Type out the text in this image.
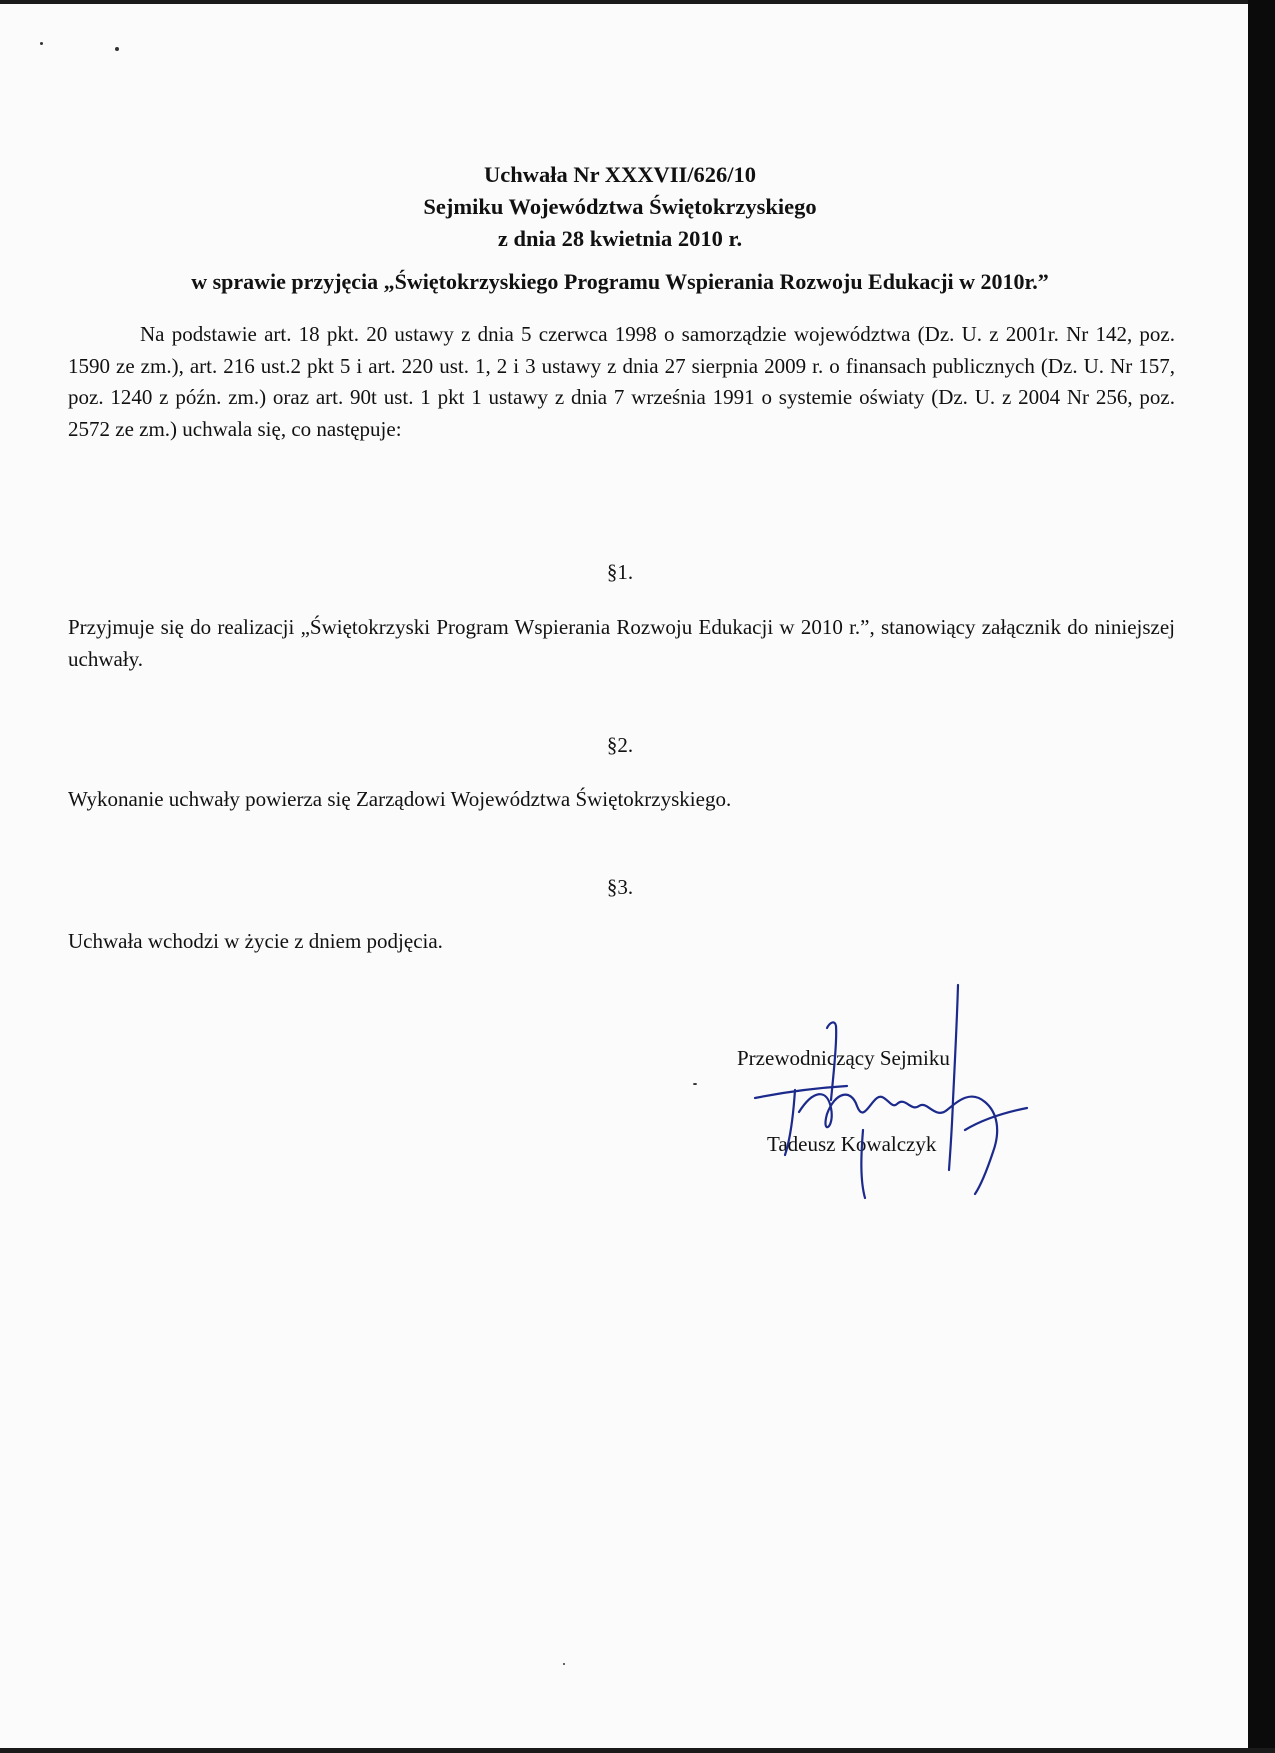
Uchwała Nr XXXVII/626/10
Sejmiku Województwa Świętokrzyskiego
z dnia 28 kwietnia 2010 r.
w sprawie przyjęcia „Świętokrzyskiego Programu Wspierania Rozwoju Edukacji w 2010r.”
Na podstawie art. 18 pkt. 20 ustawy z dnia 5 czerwca 1998 o samorządzie województwa (Dz. U. z 2001r. Nr 142, poz. 1590 ze zm.), art. 216 ust.2 pkt 5 i art. 220 ust. 1, 2 i 3 ustawy z dnia 27 sierpnia 2009 r. o finansach publicznych (Dz. U. Nr 157, poz. 1240 z późn. zm.) oraz art. 90t ust. 1 pkt 1 ustawy z dnia 7 września 1991 o systemie oświaty (Dz. U. z 2004 Nr 256, poz. 2572 ze zm.) uchwala się, co następuje:
§1.
Przyjmuje się do realizacji „Świętokrzyski Program Wspierania Rozwoju Edukacji w 2010 r.”, stanowiący załącznik do niniejszej uchwały.
§2.
Wykonanie uchwały powierza się Zarządowi Województwa Świętokrzyskiego.
§3.
Uchwała wchodzi w życie z dniem podjęcia.
Przewodniczący Sejmiku
Tadeusz Kowalczyk
